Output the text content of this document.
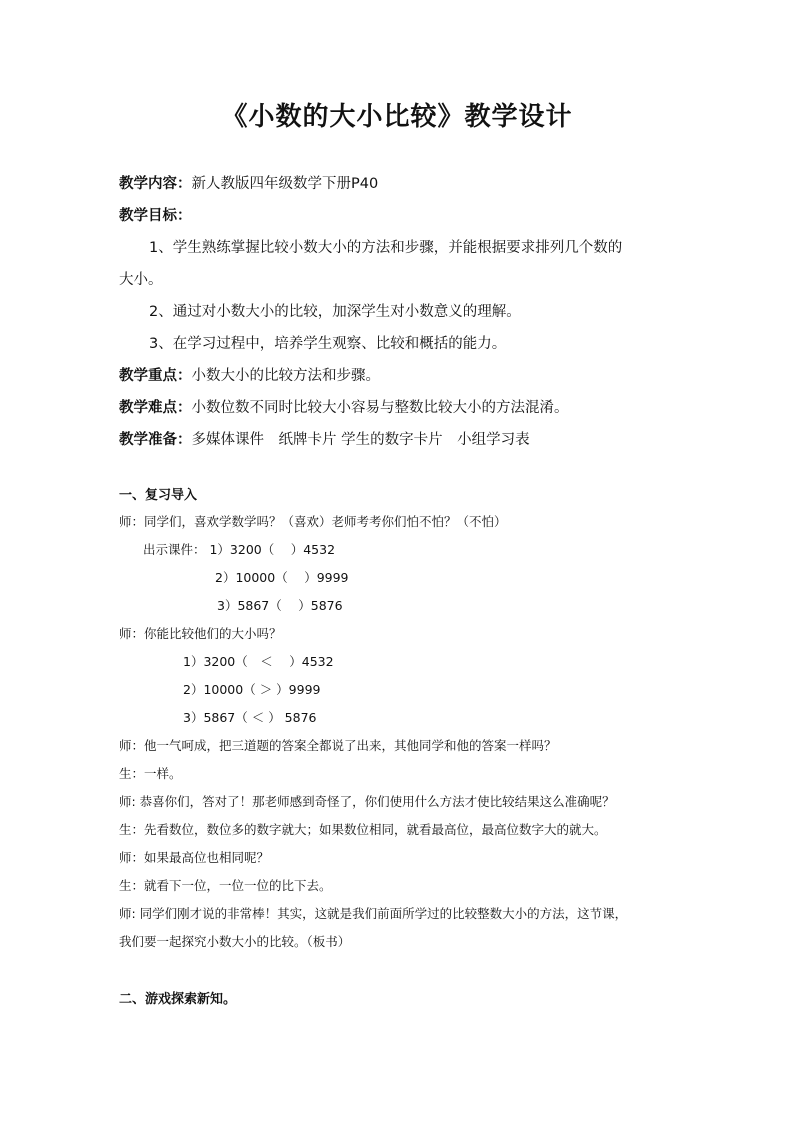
《小数的大小比较》教学设计
教学内容：新人教版四年级数学下册P40
教学目标：
1、学生熟练掌握比较小数大小的方法和步骤，并能根据要求排列几个数的
大小。
2、通过对小数大小的比较，加深学生对小数意义的理解。
3、在学习过程中，培养学生观察、比较和概括的能力。
教学重点：小数大小的比较方法和步骤。
教学难点：小数位数不同时比较大小容易与整数比较大小的方法混淆。
教学准备：多媒体课件　纸牌卡片 学生的数字卡片　小组学习表
一、复习导入
师：同学们，喜欢学数学吗？（喜欢）老师考考你们怕不怕？（不怕）
出示课件： 1）3200（　 ）4532
2）10000（　 ）9999
3）5867（　 ）5876
师：你能比较他们的大小吗？
1）3200（　＜　 ）4532
2）10000（ ＞ ）9999
3）5867（ ＜ ） 5876
师：他一气呵成，把三道题的答案全都说了出来，其他同学和他的答案一样吗？
生：一样。
师: 恭喜你们，答对了！那老师感到奇怪了，你们使用什么方法才使比较结果这么准确呢？
生：先看数位，数位多的数字就大；如果数位相同，就看最高位，最高位数字大的就大。
师：如果最高位也相同呢？
生：就看下一位，一位一位的比下去。
师: 同学们刚才说的非常棒！其实，这就是我们前面所学过的比较整数大小的方法，这节课，
我们要一起探究小数大小的比较。（板书）
二、游戏探索新知。
